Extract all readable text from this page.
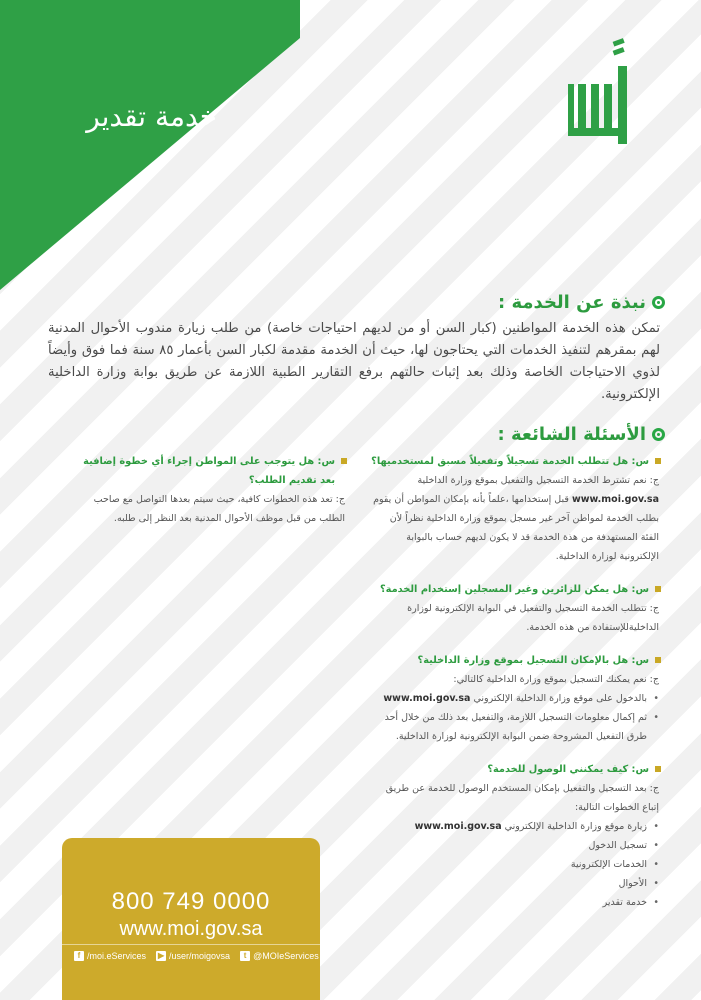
خدمة تقدير
نبذة عن الخدمة :
تمكن هذه الخدمة المواطنين (كبار السن أو من لديهم احتياجات خاصة) من طلب زيارة مندوب الأحوال المدنية لهم بمقرهم لتنفيذ الخدمات التي يحتاجون لها، حيث أن الخدمة مقدمة لكبار السن بأعمار ٨٥ سنة فما فوق وأيضاً لذوي الاحتياجات الخاصة وذلك بعد إثبات حالتهم برفع التقارير الطبية اللازمة عن طريق بوابة وزارة الداخلية الإلكترونية.
الأسئلة الشائعة :
س: هل تتطلب الخدمة تسجيلاً وتفعيلاً مسبق لمستخدميها؟
ج: نعم تشترط الخدمة التسجيل والتفعيل بموقع وزارة الداخلية
www.moi.gov.sa قبل إستخدامها ،علماً بأنه بإمكان المواطن أن يقوم بطلب الخدمة لمواطن آخر غير مسجل بموقع وزارة الداخلية نظراً لأن الفئة المستهدفة من هذة الخدمة قد لا يكون لديهم حساب بالبوابة الإلكترونية لوزارة الداخلية.
س: هل يمكن للزائرين وغير المسجلين إستخدام الخدمة؟
ج: تتطلب الخدمة التسجيل والتفعيل في البوابة الإلكترونية لوزارة الداخليةللإستفادة من هذه الخدمة.
س: هل بالإمكان التسجيل بموقع وزارة الداخلية؟
ج: نعم يمكنك التسجيل بموقع وزارة الداخلية كالتالي:
• بالدخول على موقع وزارة الداخلية الإلكتروني www.moi.gov.sa
• ثم إكمال معلومات التسجيل اللازمة، والتفعيل بعد ذلك من خلال أحد طرق التفعيل المشروحة ضمن البوابة الإلكترونية لوزارة الداخلية.
س: كيف يمكنني الوصول للخدمة؟
ج: بعد التسجيل والتفعيل بإمكان المستخدم الوصول للخدمة عن طريق إتباع الخطوات التالية:
• زيارة موقع وزارة الداخلية الإلكتروني www.moi.gov.sa
• تسجيل الدخول
• الخدمات الإلكترونية
• الأحوال
• خدمة تقدير
س: هل يتوجب على المواطن إجراء أي خطوة إضافية بعد تقديم الطلب؟
ج: تعد هذه الخطوات كافية، حيث سيتم بعدها التواصل مع صاحب الطلب من قبل موظف الأحوال المدنية بعد النظر إلى طلبه.
800 749 0000
www.moi.gov.sa
f /moi.eServices ▶ /user/moigovsa	t @MOIeServices
